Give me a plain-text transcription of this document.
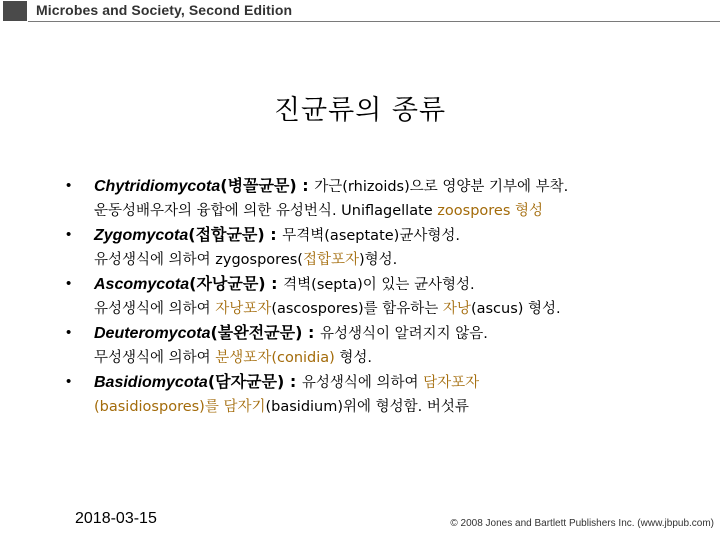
Microbes and Society, Second Edition
진균류의 종류
•	Chytridiomycota(병꼴균문) : 가근(rhizoids)으로 영양분 기부에 부착.
운동성배우자의 융합에 의한 유성번식. Uniflagellate zoospores 형성
•	Zygomycota(접합균문) : 무격벽(aseptate)균사형성.
유성생식에 의하여 zygospores(접합포자)형성.
•	Ascomycota(자낭균문) : 격벽(septa)이 있는 균사형성.
유성생식에 의하여 자낭포자(ascospores)를 함유하는 자낭(ascus) 형성.
•	Deuteromycota(불완전균문) : 유성생식이 알려지지 않음.
무성생식에 의하여 분생포자(conidia) 형성.
•	Basidiomycota(담자균문) : 유성생식에 의하여 담자포자
(basidiospores)를 담자기(basidium)위에 형성함. 버섯류
2018-03-15	© 2008 Jones and Bartlett Publishers Inc. (www.jbpub.com)
